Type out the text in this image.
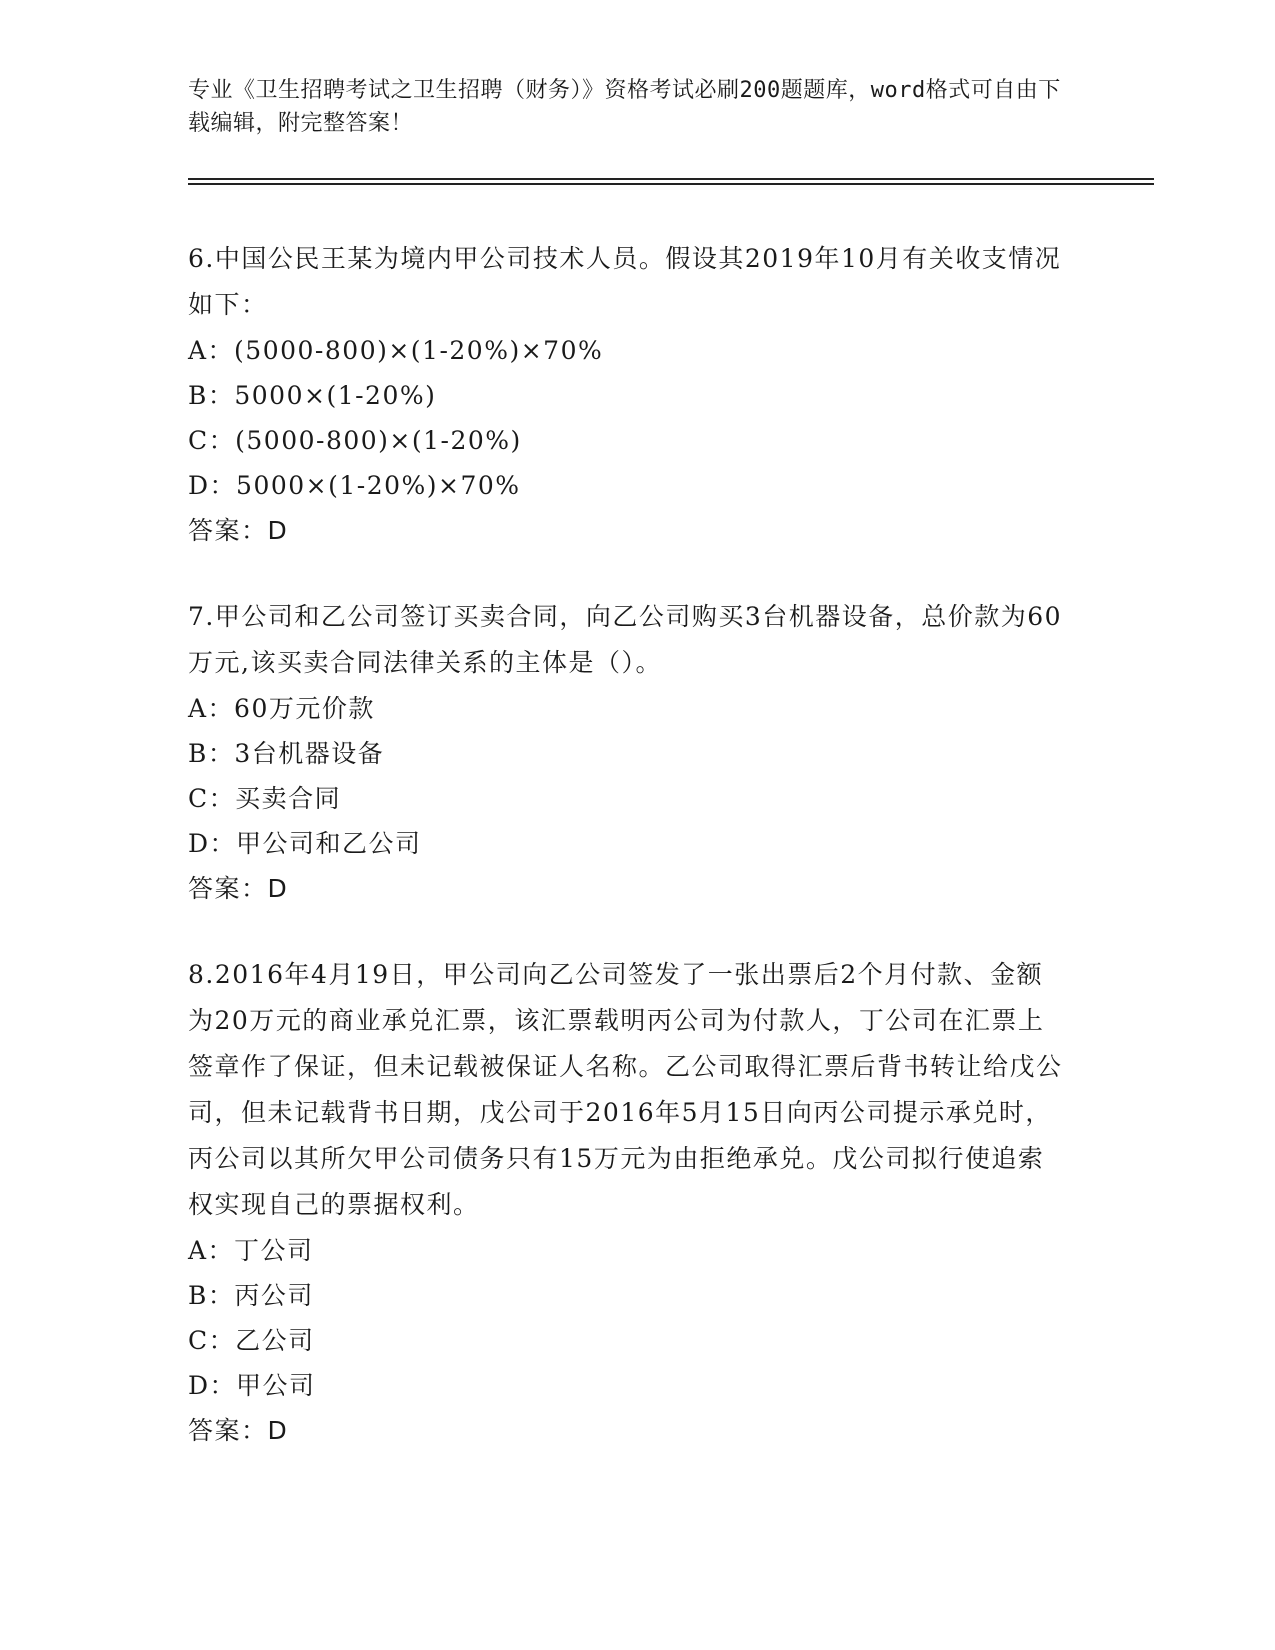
专业《卫生招聘考试之卫生招聘（财务）》资格考试必刷200题题库，word格式可自由下载编辑，附完整答案！
6.中国公民王某为境内甲公司技术人员。假设其2019年10月有关收支情况如下：
A：(5000-800)×(1-20%)×70%
B：5000×(1-20%)
C：(5000-800)×(1-20%)
D：5000×(1-20%)×70%
答案：D
7.甲公司和乙公司签订买卖合同，向乙公司购买3台机器设备，总价款为60万元,该买卖合同法律关系的主体是（）。
A：60万元价款
B：3台机器设备
C：买卖合同
D：甲公司和乙公司
答案：D
8.2016年4月19日，甲公司向乙公司签发了一张出票后2个月付款、金额为20万元的商业承兑汇票，该汇票载明丙公司为付款人，丁公司在汇票上签章作了保证，但未记载被保证人名称。乙公司取得汇票后背书转让给戊公司，但未记载背书日期，戊公司于2016年5月15日向丙公司提示承兑时，丙公司以其所欠甲公司债务只有15万元为由拒绝承兑。戊公司拟行使追索权实现自己的票据权利。
A：丁公司
B：丙公司
C：乙公司
D：甲公司
答案：D
